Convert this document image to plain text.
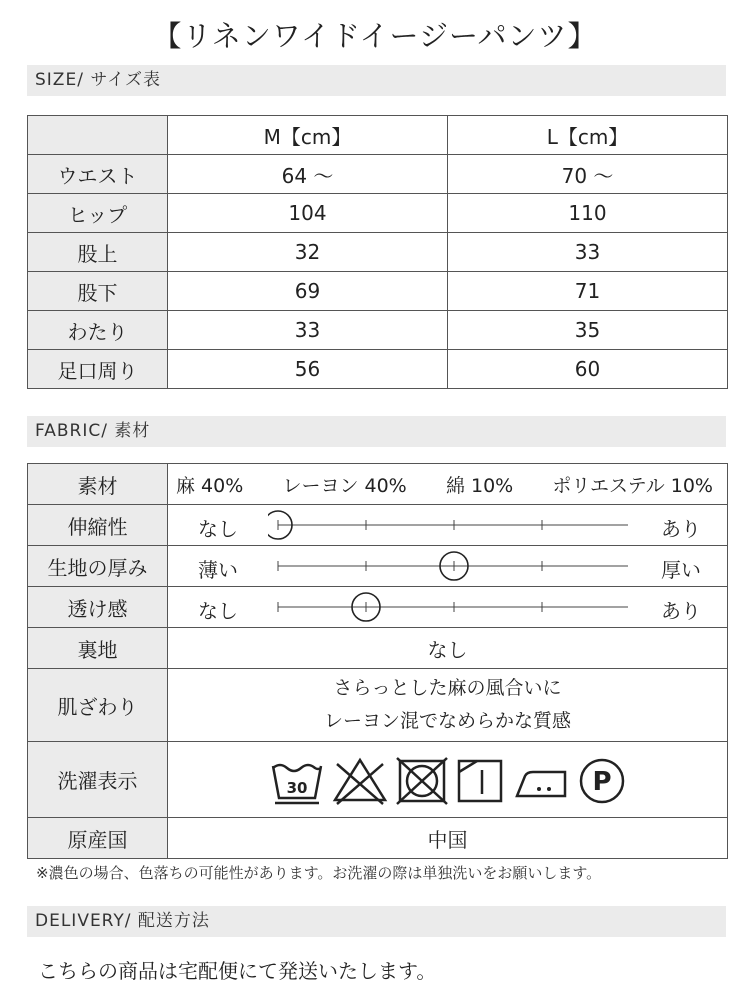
【リネンワイドイージーパンツ】
SIZE/ サイズ表
	M【cm】	L【cm】
ウエスト	64 〜	70 〜
ヒップ	104	110
股上	32	33
股下	69	71
わたり	33	35
足口周り	56	60
FABRIC/ 素材
素材	麻 40% レーヨン 40% 綿 10% ポリエステル 10%

伸縮性	なし あり

生地の厚み	薄い 厚い

透け感	なし あり

裏地	なし
肌ざわり	さらっとした麻の風合いに
レーヨン混でなめらかな質感

洗濯表示	30 P

原産国	中国
※濃色の場合、色落ちの可能性があります。お洗濯の際は単独洗いをお願いします。
DELIVERY/ 配送方法
こちらの商品は宅配便にて発送いたします。
